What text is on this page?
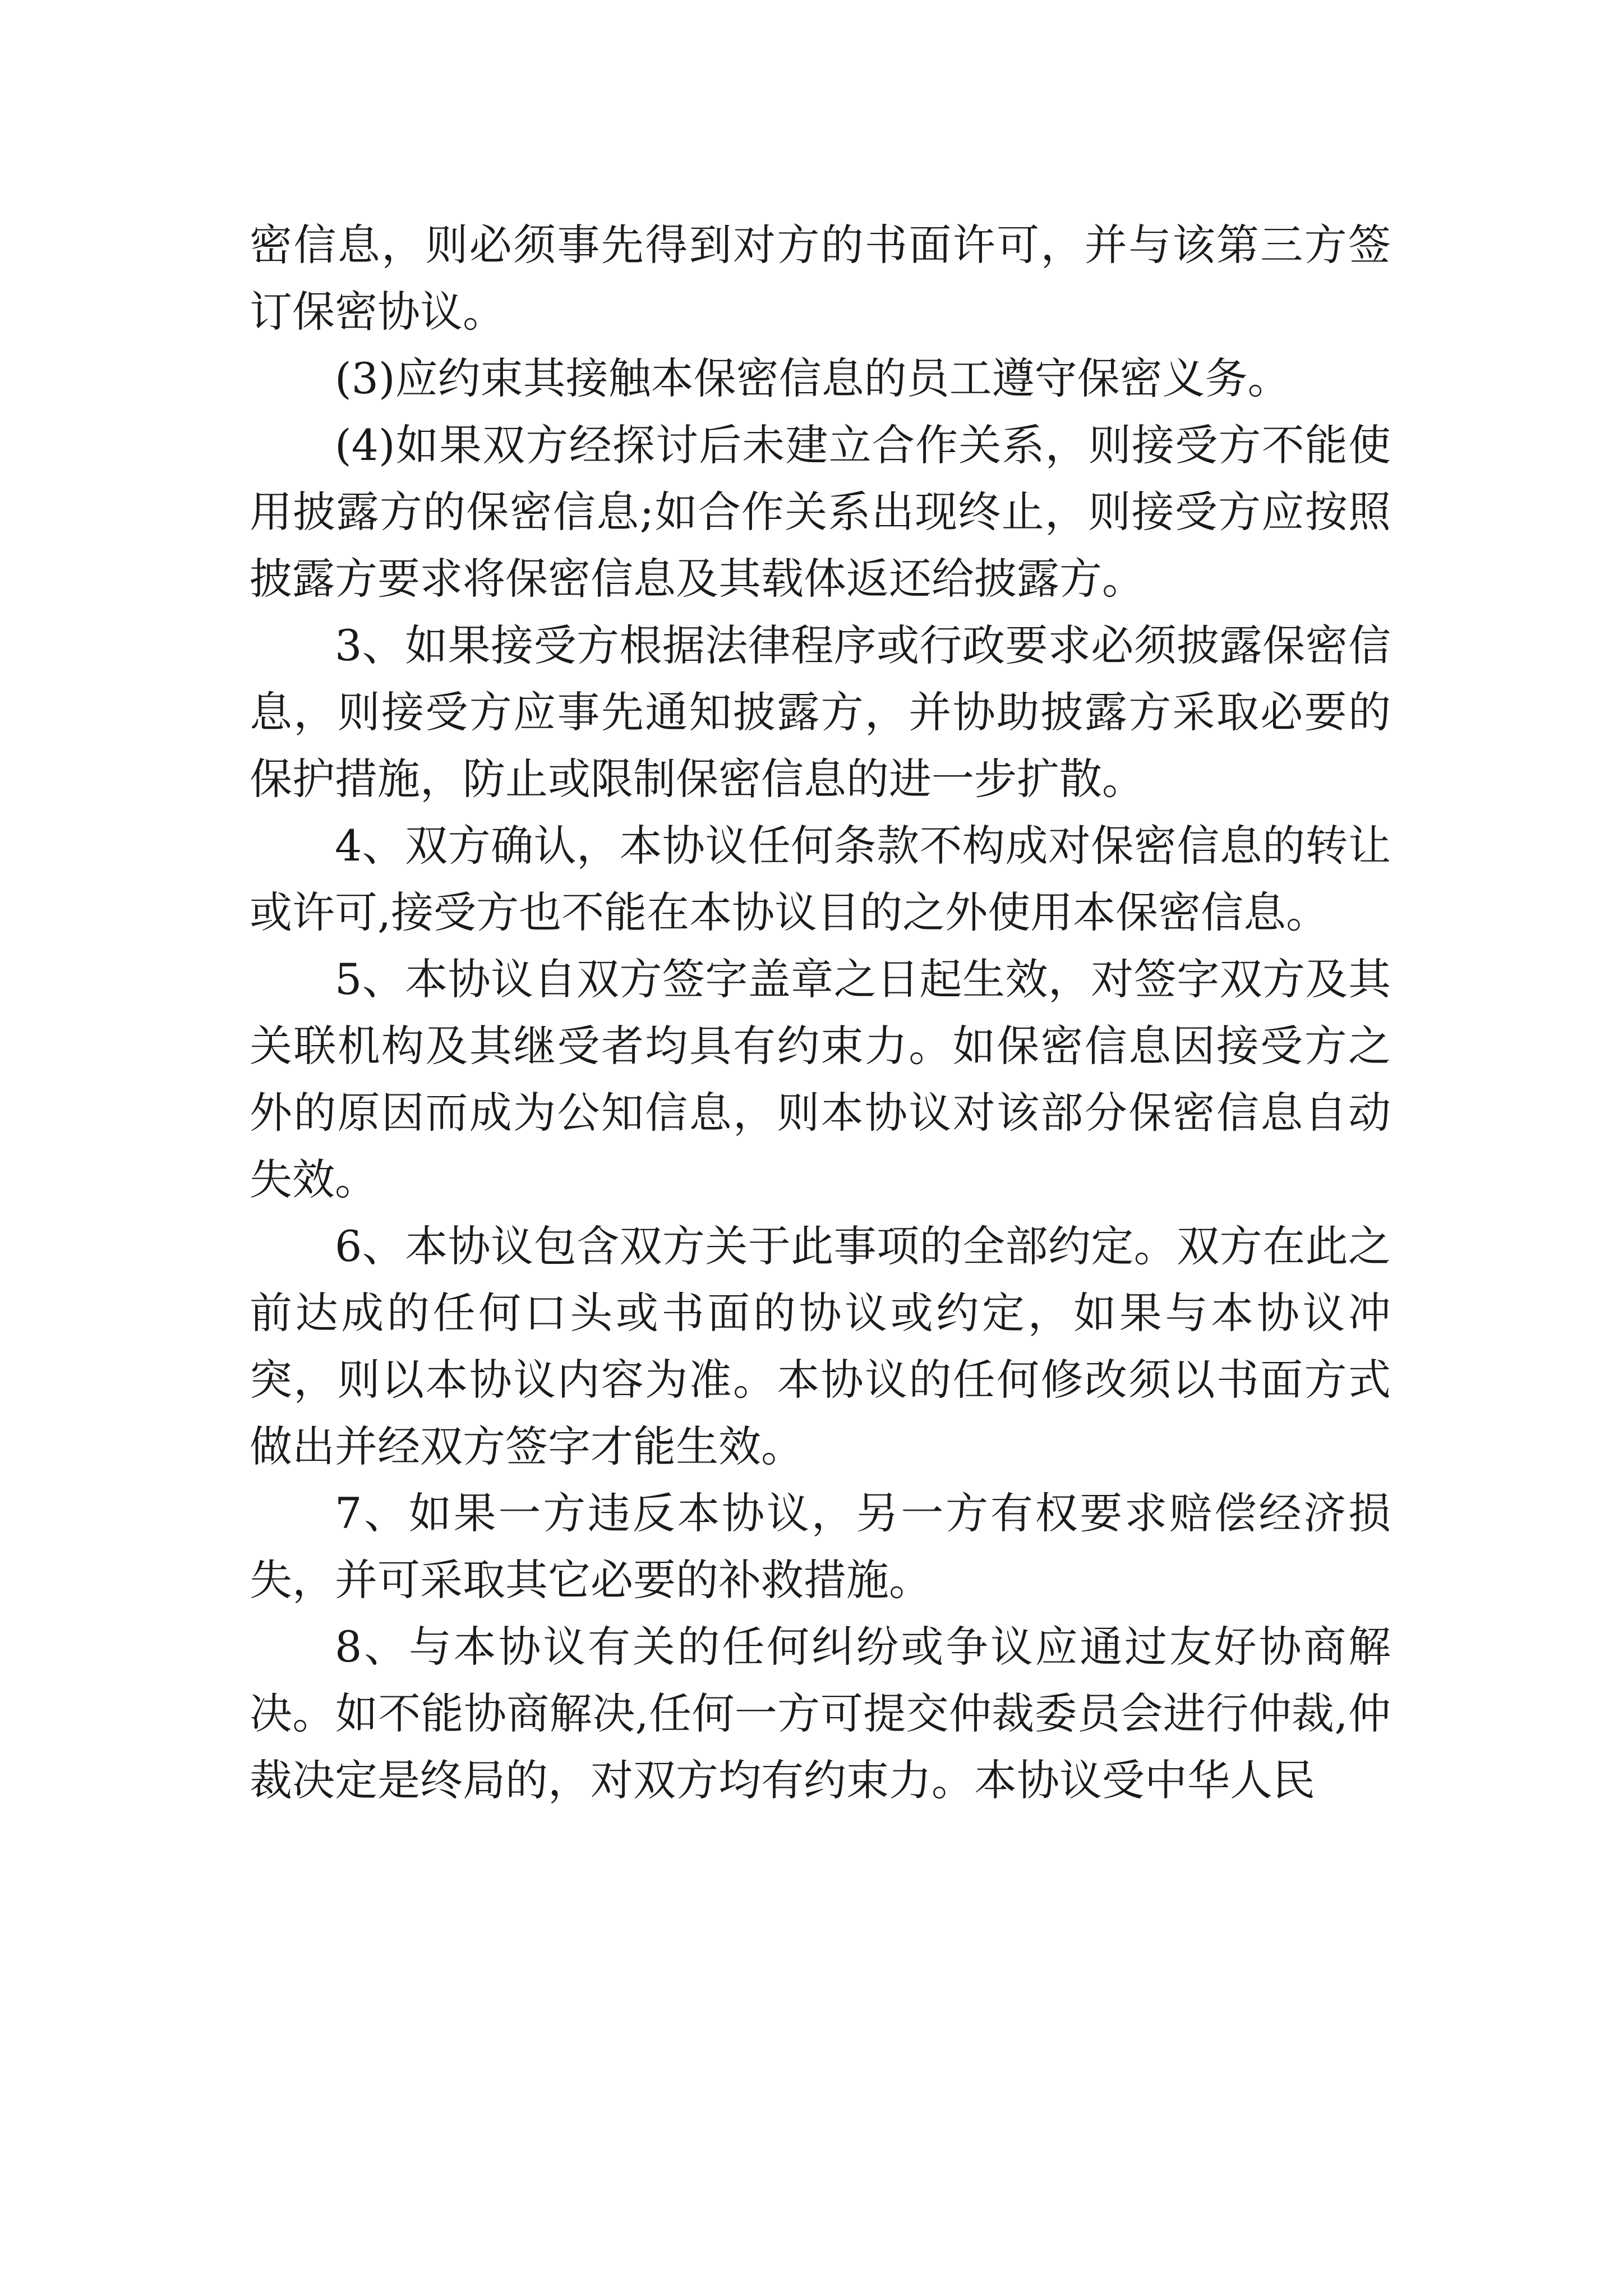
密信息，则必须事先得到对方的书面许可，并与该第三方签订保密协议。

(3)应约束其接触本保密信息的员工遵守保密义务。

(4)如果双方经探讨后未建立合作关系，则接受方不能使用披露方的保密信息;如合作关系出现终止，则接受方应按照披露方要求将保密信息及其载体返还给披露方。

3、如果接受方根据法律程序或行政要求必须披露保密信息，则接受方应事先通知披露方，并协助披露方采取必要的保护措施，防止或限制保密信息的进一步扩散。

4、双方确认，本协议任何条款不构成对保密信息的转让或许可,接受方也不能在本协议目的之外使用本保密信息。

5、本协议自双方签字盖章之日起生效，对签字双方及其关联机构及其继受者均具有约束力。如保密信息因接受方之外的原因而成为公知信息，则本协议对该部分保密信息自动失效。

6、本协议包含双方关于此事项的全部约定。双方在此之前达成的任何口头或书面的协议或约定，如果与本协议冲突，则以本协议内容为准。本协议的任何修改须以书面方式做出并经双方签字才能生效。

7、如果一方违反本协议，另一方有权要求赔偿经济损失，并可采取其它必要的补救措施。

8、与本协议有关的任何纠纷或争议应通过友好协商解决。如不能协商解决,任何一方可提交仲裁委员会进行仲裁,仲裁决定是终局的，对双方均有约束力。本协议受中华人民
